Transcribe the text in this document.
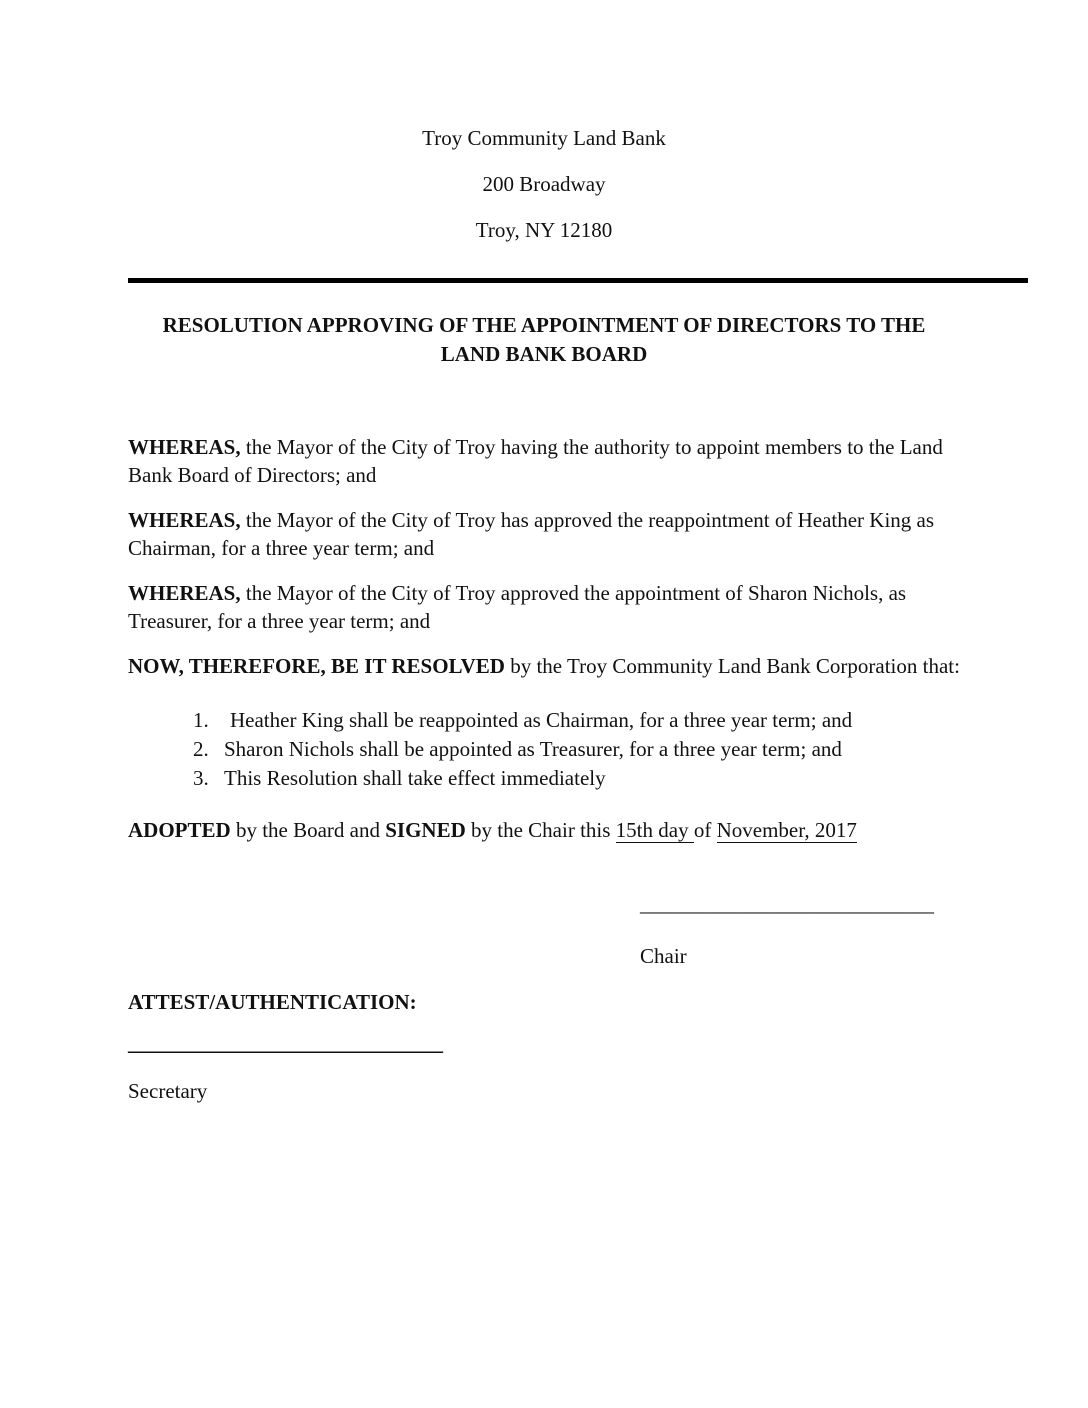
Troy Community Land Bank
200 Broadway
Troy, NY 12180
RESOLUTION APPROVING OF THE APPOINTMENT OF DIRECTORS TO THE
LAND BANK BOARD

WHEREAS, the Mayor of the City of Troy having the authority to appoint members to the Land Bank Board of Directors; and

WHEREAS, the Mayor of the City of Troy has approved the reappointment of Heather King as Chairman, for a three year term; and

WHEREAS, the Mayor of the City of Troy approved the appointment of Sharon Nichols, as Treasurer, for a three year term; and

NOW, THEREFORE, BE IT RESOLVED by the Troy Community Land Bank Corporation that:

1.	Heather King shall be reappointed as Chairman, for a three year term; and
2. Sharon Nichols shall be appointed as Treasurer, for a three year term; and
3. This Resolution shall take effect immediately

ADOPTED by the Board and SIGNED by the Chair this 15th day of November, 2017

____________________________
Chair
ATTEST/AUTHENTICATION:
______________________________
Secretary
